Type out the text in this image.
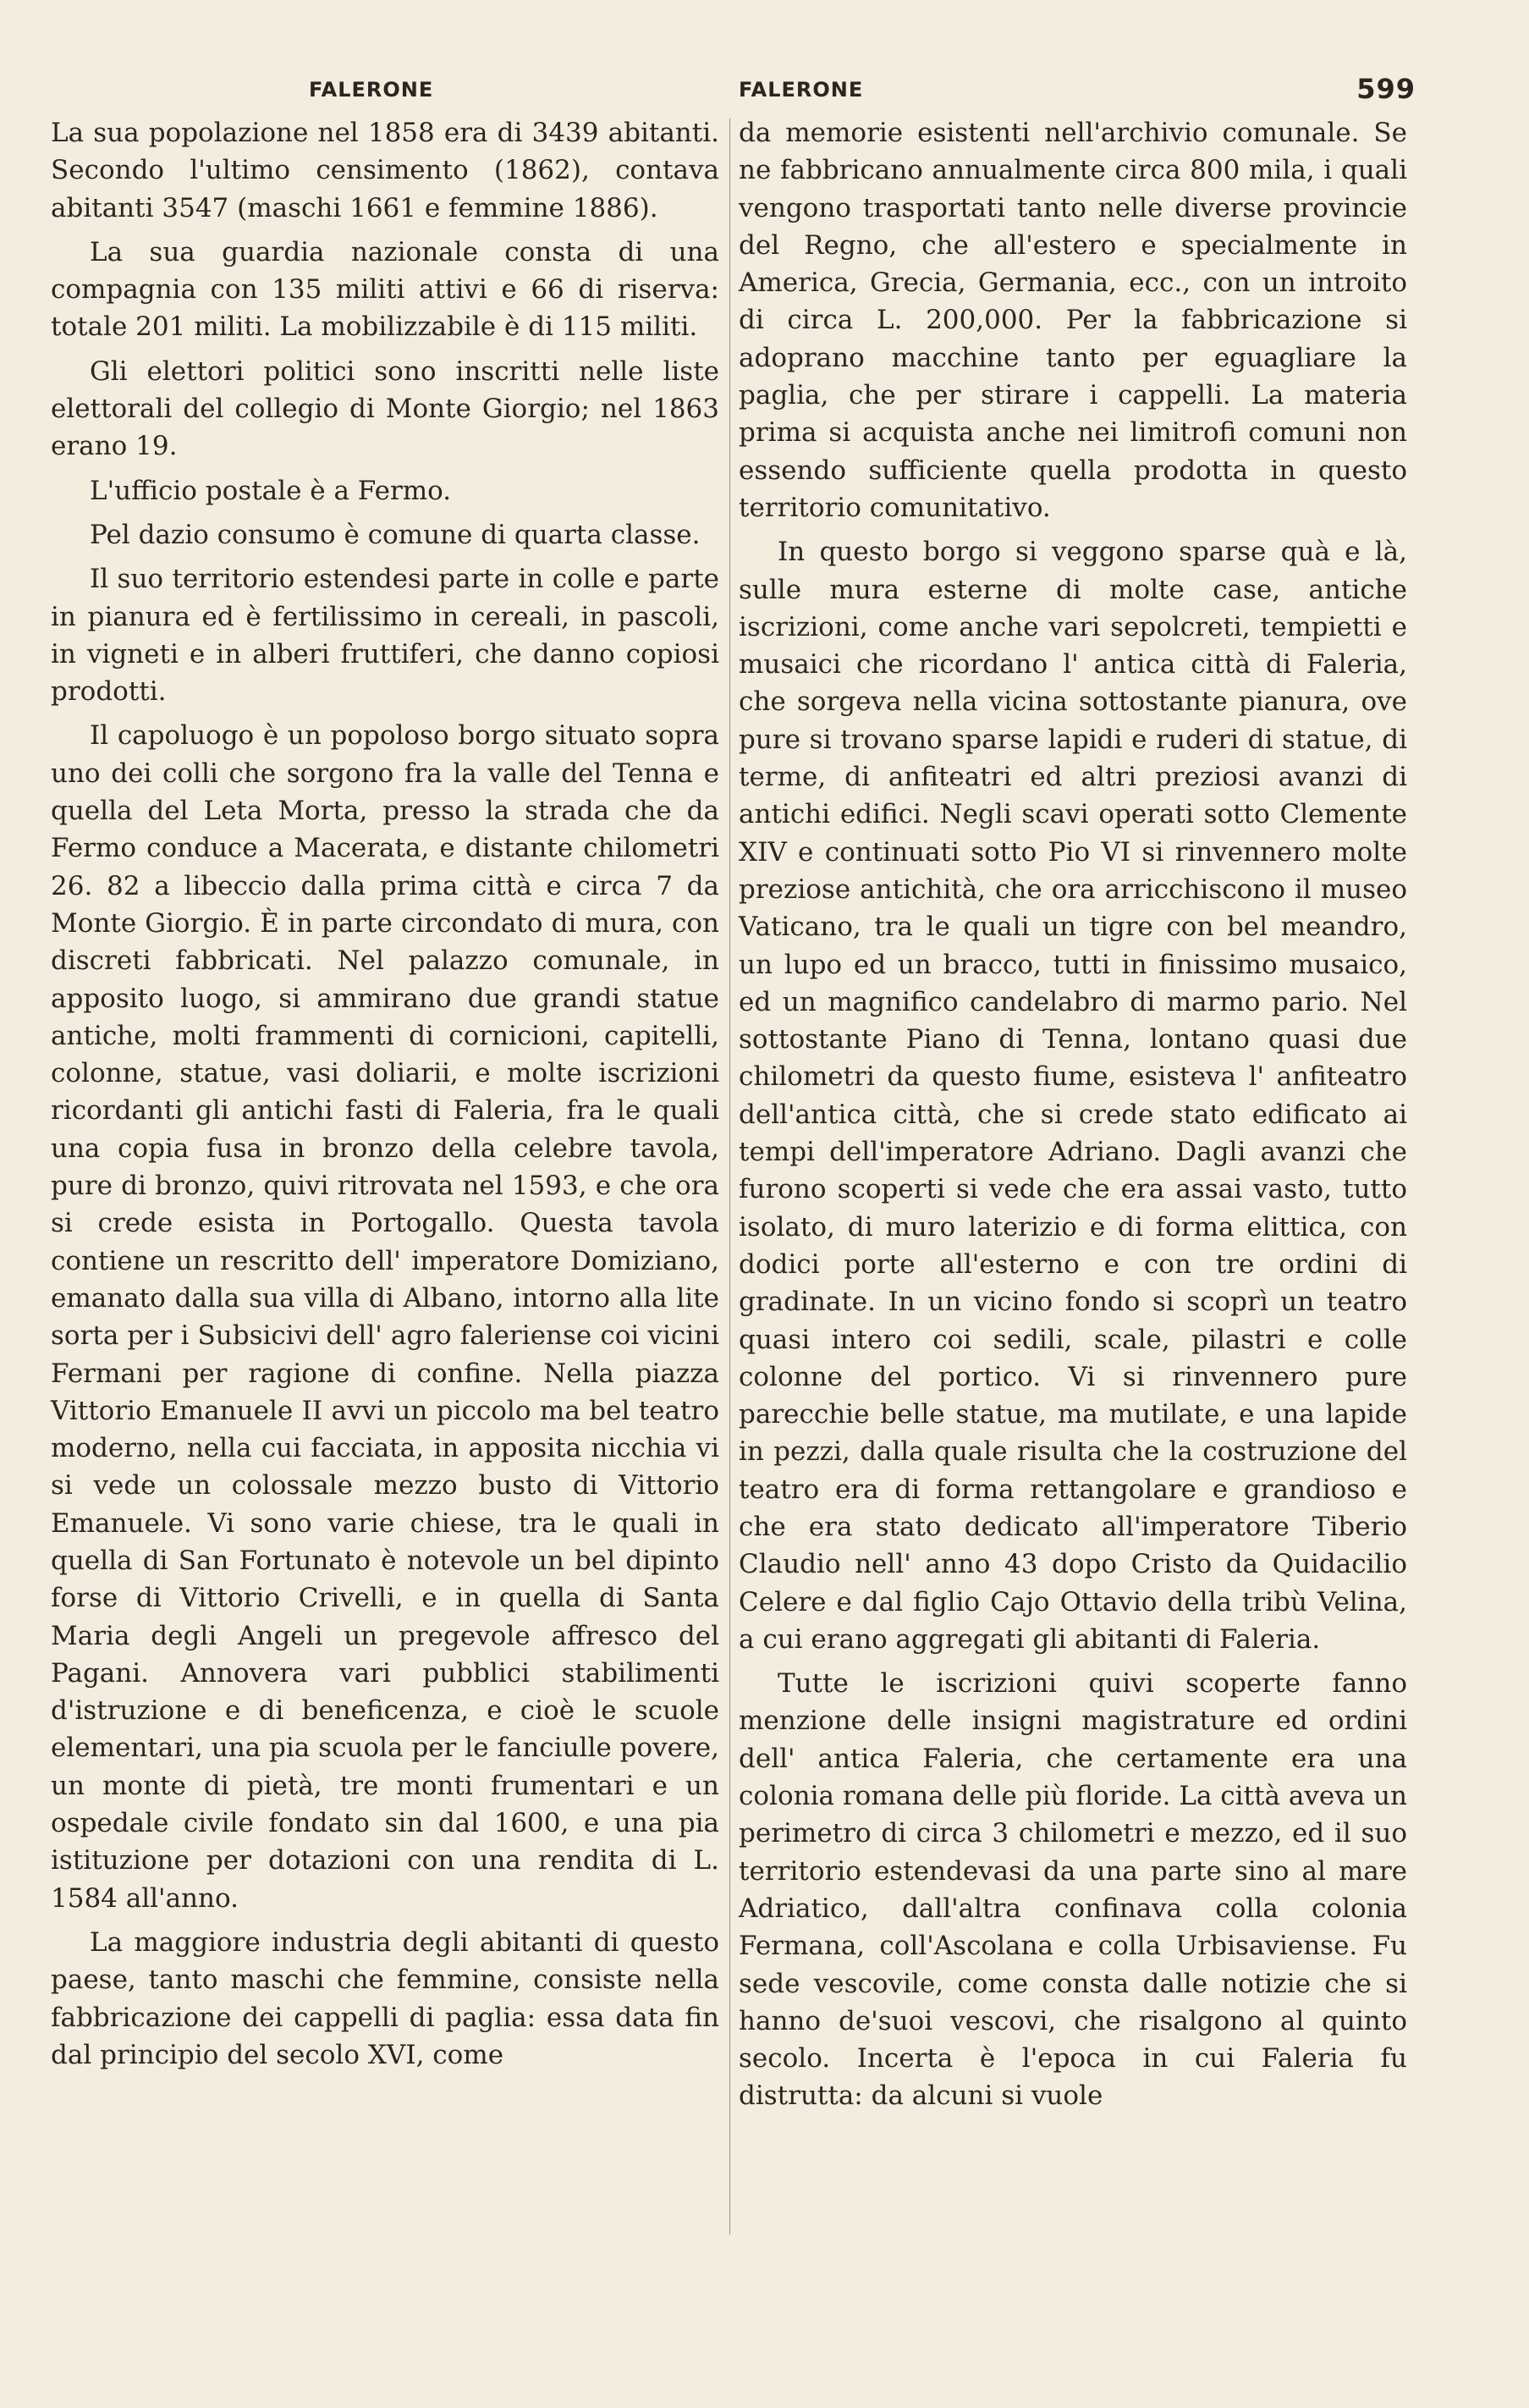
FALERONE

La sua popolazione nel 1858 era di 3439 abitanti. Secondo l'ultimo censimento (1862), contava abitanti 3547 (maschi 1661 e femmine 1886).

La sua guardia nazionale consta di una compagnia con 135 militi attivi e 66 di riserva: totale 201 militi. La mobilizzabile è di 115 militi.

Gli elettori politici sono inscritti nelle liste elettorali del collegio di Monte Giorgio; nel 1863 erano 19.

L'ufficio postale è a Fermo.

Pel dazio consumo è comune di quarta classe.

Il suo territorio estendesi parte in colle e parte in pianura ed è fertilissimo in cereali, in pascoli, in vigneti e in alberi fruttiferi, che danno copiosi prodotti.

Il capoluogo è un popoloso borgo situato sopra uno dei colli che sorgono fra la valle del Tenna e quella del Leta Morta, presso la strada che da Fermo conduce a Macerata, e distante chilometri 26. 82 a libeccio dalla prima città e circa 7 da Monte Giorgio. È in parte circondato di mura, con discreti fabbricati. Nel palazzo comunale, in apposito luogo, si ammirano due grandi statue antiche, molti frammenti di cornicioni, capitelli, colonne, statue, vasi doliarii, e molte iscrizioni ricordanti gli antichi fasti di Faleria, fra le quali una copia fusa in bronzo della celebre tavola, pure di bronzo, quivi ritrovata nel 1593, e che ora si crede esista in Portogallo. Questa tavola contiene un rescritto dell' imperatore Domiziano, emanato dalla sua villa di Albano, intorno alla lite sorta per i Subsicivi dell' agro faleriense coi vicini Fermani per ragione di confine. Nella piazza Vittorio Emanuele II avvi un piccolo ma bel teatro moderno, nella cui facciata, in apposita nicchia vi si vede un colossale mezzo busto di Vittorio Emanuele. Vi sono varie chiese, tra le quali in quella di San Fortunato è notevole un bel dipinto forse di Vittorio Crivelli, e in quella di Santa Maria degli Angeli un pregevole affresco del Pagani. Annovera vari pubblici stabilimenti d'istruzione e di beneficenza, e cioè le scuole elementari, una pia scuola per le fanciulle povere, un monte di pietà, tre monti frumentari e un ospedale civile fondato sin dal 1600, e una pia istituzione per dotazioni con una rendita di L. 1584 all'anno.

La maggiore industria degli abitanti di questo paese, tanto maschi che femmine, consiste nella fabbricazione dei cappelli di paglia: essa data fin dal principio del secolo XVI, come

FALERONE	599

da memorie esistenti nell'archivio comunale. Se ne fabbricano annualmente circa 800 mila, i quali vengono trasportati tanto nelle diverse provincie del Regno, che all'estero e specialmente in America, Grecia, Germania, ecc., con un introito di circa L. 200,000. Per la fabbricazione si adoprano macchine tanto per eguagliare la paglia, che per stirare i cappelli. La materia prima si acquista anche nei limitrofi comuni non essendo sufficiente quella prodotta in questo territorio comunitativo.

In questo borgo si veggono sparse quà e là, sulle mura esterne di molte case, antiche iscrizioni, come anche vari sepolcreti, tempietti e musaici che ricordano l' antica città di Faleria, che sorgeva nella vicina sottostante pianura, ove pure si trovano sparse lapidi e ruderi di statue, di terme, di anfiteatri ed altri preziosi avanzi di antichi edifici. Negli scavi operati sotto Clemente XIV e continuati sotto Pio VI si rinvennero molte preziose antichità, che ora arricchiscono il museo Vaticano, tra le quali un tigre con bel meandro, un lupo ed un bracco, tutti in finissimo musaico, ed un magnifico candelabro di marmo pario. Nel sottostante Piano di Tenna, lontano quasi due chilometri da questo fiume, esisteva l' anfiteatro dell'antica città, che si crede stato edificato ai tempi dell'imperatore Adriano. Dagli avanzi che furono scoperti si vede che era assai vasto, tutto isolato, di muro laterizio e di forma elittica, con dodici porte all'esterno e con tre ordini di gradinate. In un vicino fondo si scoprì un teatro quasi intero coi sedili, scale, pilastri e colle colonne del portico. Vi si rinvennero pure parecchie belle statue, ma mutilate, e una lapide in pezzi, dalla quale risulta che la costruzione del teatro era di forma rettangolare e grandioso e che era stato dedicato all'imperatore Tiberio Claudio nell' anno 43 dopo Cristo da Quidacilio Celere e dal figlio Cajo Ottavio della tribù Velina, a cui erano aggregati gli abitanti di Faleria.

Tutte le iscrizioni quivi scoperte fanno menzione delle insigni magistrature ed ordini dell' antica Faleria, che certamente era una colonia romana delle più floride. La città aveva un perimetro di circa 3 chilometri e mezzo, ed il suo territorio estendevasi da una parte sino al mare Adriatico, dall'altra confinava colla colonia Fermana, coll'Ascolana e colla Urbisaviense. Fu sede vescovile, come consta dalle notizie che si hanno de'suoi vescovi, che risalgono al quinto secolo. Incerta è l'epoca in cui Faleria fu distrutta: da alcuni si vuole
